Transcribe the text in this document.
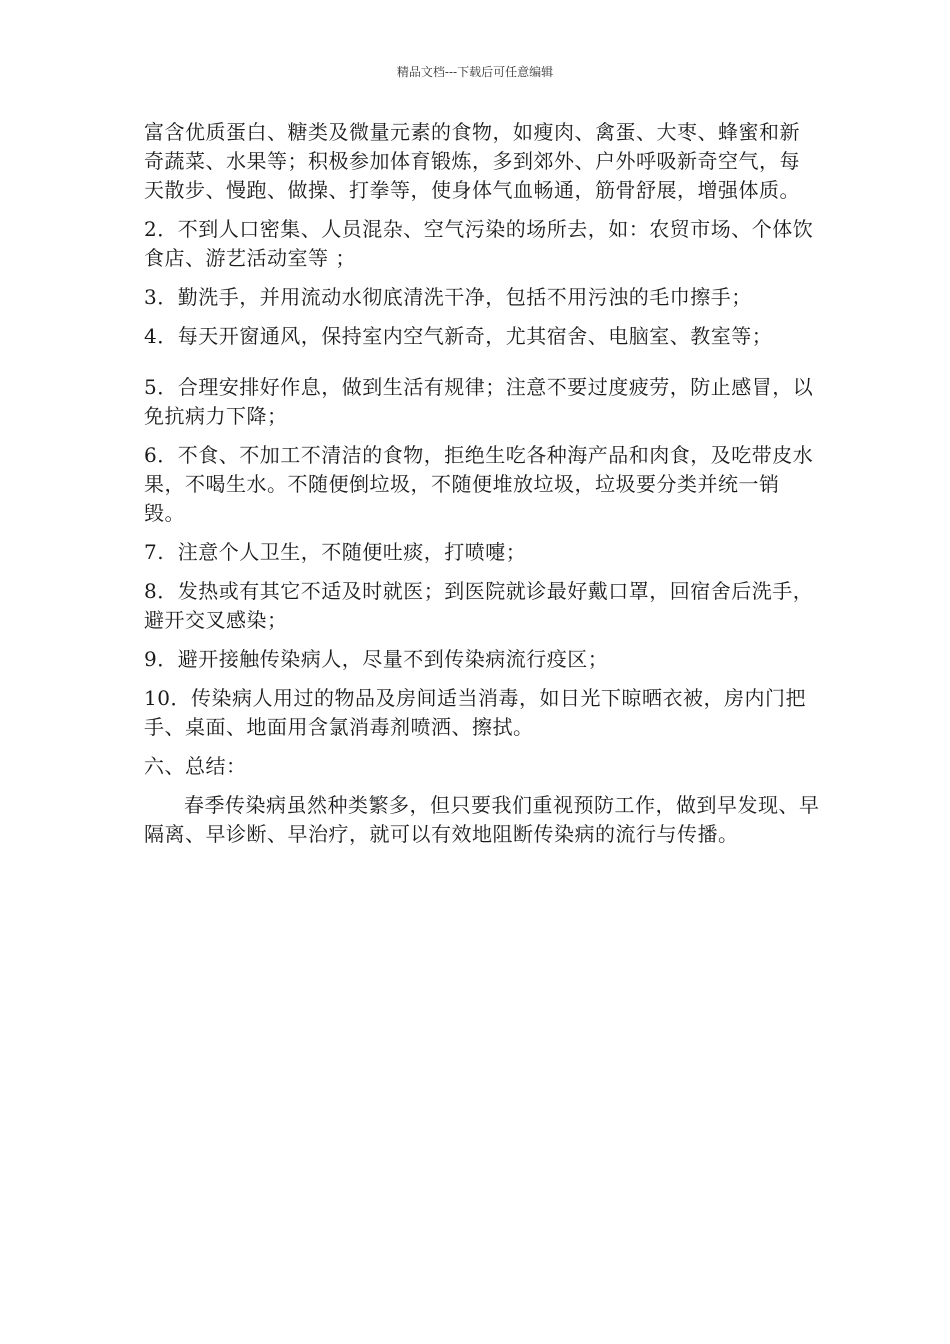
精品文档---下载后可任意编辑

富含优质蛋白、糖类及微量元素的食物，如瘦肉、禽蛋、大枣、蜂蜜和新奇蔬菜、水果等；积极参加体育锻炼，多到郊外、户外呼吸新奇空气，每天散步、慢跑、做操、打拳等，使身体气血畅通，筋骨舒展，增强体质。

2．不到人口密集、人员混杂、空气污染的场所去，如：农贸市场、个体饮食店、游艺活动室等 ；

3．勤洗手，并用流动水彻底清洗干净，包括不用污浊的毛巾擦手；

4．每天开窗通风，保持室内空气新奇，尤其宿舍、电脑室、教室等；

5．合理安排好作息，做到生活有规律；注意不要过度疲劳，防止感冒，以免抗病力下降；

6．不食、不加工不清洁的食物，拒绝生吃各种海产品和肉食，及吃带皮水果，不喝生水。不随便倒垃圾，不随便堆放垃圾，垃圾要分类并统一销毁。

7.  注意个人卫生，不随便吐痰，打喷嚏；

8．发热或有其它不适及时就医；到医院就诊最好戴口罩，回宿舍后洗手，避开交叉感染；

9．避开接触传染病人，尽量不到传染病流行疫区；

10．传染病人用过的物品及房间适当消毒，如日光下晾晒衣被，房内门把手、桌面、地面用含氯消毒剂喷洒、擦拭。

六、总结：

春季传染病虽然种类繁多，但只要我们重视预防工作，做到早发现、早隔离、早诊断、早治疗，就可以有效地阻断传染病的流行与传播。
